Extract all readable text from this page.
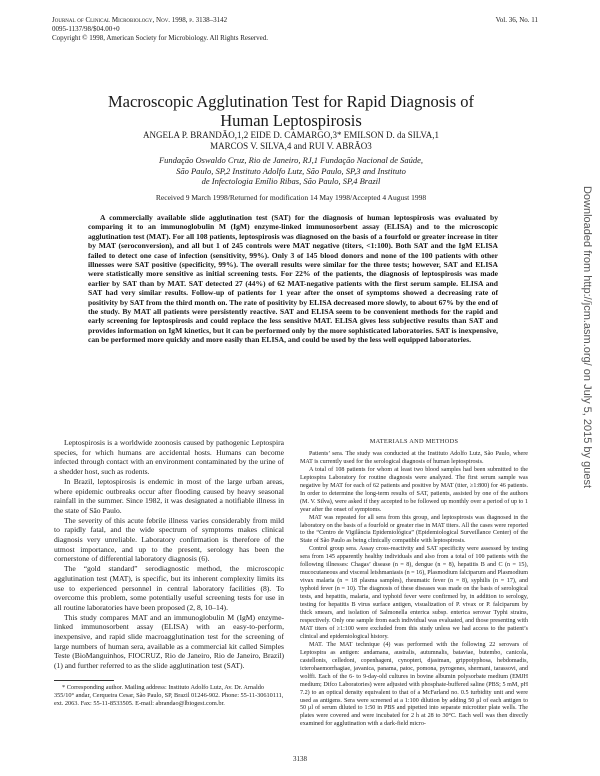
Journal of Clinical Microbiology, Nov. 1998, p. 3138–3142
0095-1137/98/$04.00+0
Copyright © 1998, American Society for Microbiology. All Rights Reserved.
Vol. 36, No. 11
Macroscopic Agglutination Test for Rapid Diagnosis of
Human Leptospirosis
ANGELA P. BRANDÃO,1,2 EIDE D. CAMARGO,3* EMILSON D. da SILVA,1
MARCOS V. SILVA,4 and RUI V. ABRÃO3
Fundação Oswaldo Cruz, Rio de Janeiro, RJ,1 Fundação Nacional de Saúde,
São Paulo, SP,2 Instituto Adolfo Lutz, São Paulo, SP,3 and Instituto
de Infectologia Emílio Ribas, São Paulo, SP,4 Brazil
Received 9 March 1998/Returned for modification 14 May 1998/Accepted 4 August 1998
A commercially available slide agglutination test (SAT) for the diagnosis of human leptospirosis was evaluated by comparing it to an immunoglobulin M (IgM) enzyme-linked immunosorbent assay (ELISA) and to the microscopic agglutination test (MAT). For all 108 patients, leptospirosis was diagnosed on the basis of a fourfold or greater increase in titer by MAT (seroconversion), and all but 1 of 245 controls were MAT negative (titers, <1:100). Both SAT and the IgM ELISA failed to detect one case of infection (sensitivity, 99%). Only 3 of 145 blood donors and none of the 100 patients with other illnesses were SAT positive (specificity, 99%). The overall results were similar for the three tests; however, SAT and ELISA were statistically more sensitive as initial screening tests. For 22% of the patients, the diagnosis of leptospirosis was made earlier by SAT than by MAT. SAT detected 27 (44%) of 62 MAT-negative patients with the first serum sample. ELISA and SAT had very similar results. Follow-up of patients for 1 year after the onset of symptoms showed a decreasing rate of positivity by SAT from the third month on. The rate of positivity by ELISA decreased more slowly, to about 67% by the end of the study. By MAT all patients were persistently reactive. SAT and ELISA seem to be convenient methods for the rapid and early screening for leptospirosis and could replace the less sensitive MAT. ELISA gives less subjective results than SAT and provides information on IgM kinetics, but it can be performed only by the more sophisticated laboratories. SAT is inexpensive, can be performed more quickly and more easily than ELISA, and could be used by the less well equipped laboratories.

Leptospirosis is a worldwide zoonosis caused by pathogenic Leptospira species, for which humans are accidental hosts. Humans can become infected through contact with an environment contaminated by the urine of a shedder host, such as rodents.

In Brazil, leptospirosis is endemic in most of the large urban areas, where epidemic outbreaks occur after flooding caused by heavy seasonal rainfall in the summer. Since 1982, it was designated a notifiable illness in the state of São Paulo.

The severity of this acute febrile illness varies considerably from mild to rapidly fatal, and the wide spectrum of symptoms makes clinical diagnosis very unreliable. Laboratory confirmation is therefore of the utmost importance, and up to the present, serology has been the cornerstone of differential laboratory diagnosis (6).

The “gold standard” serodiagnostic method, the microscopic agglutination test (MAT), is specific, but its inherent complexity limits its use to experienced personnel in central laboratory facilities (8). To overcome this problem, some potentially useful screening tests for use in all routine laboratories have been proposed (2, 8, 10–14).

This study compares MAT and an immunoglobulin M (IgM) enzyme-linked immunosorbent assay (ELISA) with an easy-to-perform, inexpensive, and rapid slide macroagglutination test for the screening of large numbers of human sera, available as a commercial kit called Simples Teste (BioManguinhos, FIOCRUZ, Rio de Janeiro, Rio de Janeiro, Brazil) (1) and further referred to as the slide agglutination test (SAT).

* Corresponding author. Mailing address: Instituto Adolfo Lutz, Av. Dr. Arnaldo 355/10° andar, Cerqueira Cesar, São Paulo, SP, Brazil 01246-902. Phone: 55-11-30610111, ext. 2063. Fax: 55-11-8533505. E-mail: abrandao@lbiogest.com.br.

MATERIALS AND METHODS

Patients’ sera. The study was conducted at the Instituto Adolfo Lutz, São Paulo, where MAT is currently used for the serological diagnosis of human leptospirosis.

A total of 108 patients for whom at least two blood samples had been submitted to the Leptospira Laboratory for routine diagnosis were analyzed. The first serum sample was negative by MAT for each of 62 patients and positive by MAT (titer, ≥1:800) for 46 patients. In order to determine the long-term results of SAT, patients, assisted by one of the authors (M. V. Silva), were asked if they accepted to be followed up monthly over a period of up to 1 year after the onset of symptoms.

MAT was repeated for all sera from this group, and leptospirosis was diagnosed in the laboratory on the basis of a fourfold or greater rise in MAT titers. All the cases were reported to the “Centro de Vigilância Epidemiológica” (Epidemiological Surveillance Center) of the State of São Paulo as being clinically compatible with leptospirosis.

Control group sera. Assay cross-reactivity and SAT specificity were assessed by testing sera from 145 apparently healthy individuals and also from a total of 100 patients with the following illnesses: Chagas’ disease (n = 8), dengue (n = 8), hepatitis B and C (n = 15), mucocutaneous and visceral leishmaniasis (n = 16), Plasmodium falciparum and Plasmodium vivax malaria (n = 18 plasma samples), rheumatic fever (n = 8), syphilis (n = 17), and typhoid fever (n = 10). The diagnosis of these diseases was made on the basis of serological tests, and hepatitis, malaria, and typhoid fever were confirmed by, in addition to serology, testing for hepatitis B virus surface antigen, visualization of P. vivax or P. falciparum by thick smears, and isolation of Salmonella enterica subsp. enterica serovar Typhi strains, respectively. Only one sample from each individual was evaluated, and those presenting with MAT titers of ≥1:100 were excluded from this study unless we had access to the patient’s clinical and epidemiological history.

MAT. The MAT technique (4) was performed with the following 22 serovars of Leptospira as antigen: andamana, australis, autumnalis, bataviae, butembo, canicola, castellonis, celledoni, copenhageni, cynopteri, djasiman, grippotyphosa, hebdomadis, icterohaemorrhagiae, javanica, panama, patoc, pomona, pyrogenes, shermani, tarassovi, and wolffi. Each of the 6- to 9-day-old cultures in bovine albumin polysorbate medium (EMJH medium; Difco Laboratories) were adjusted with phosphate-buffered saline (PBS; 5 mM, pH 7.2) to an optical density equivalent to that of a McFarland no. 0.5 turbidity unit and were used as antigens. Sera were screened at a 1:100 dilution by adding 50 μl of each antigen to 50 μl of serum diluted to 1:50 in PBS and pipetted into separate microtiter plate wells. The plates were covered and were incubated for 2 h at 28 to 30°C. Each well was then directly examined for agglutination with a dark-field micro-

3138
Downloaded from http://jcm.asm.org/ on July 5, 2015 by guest
